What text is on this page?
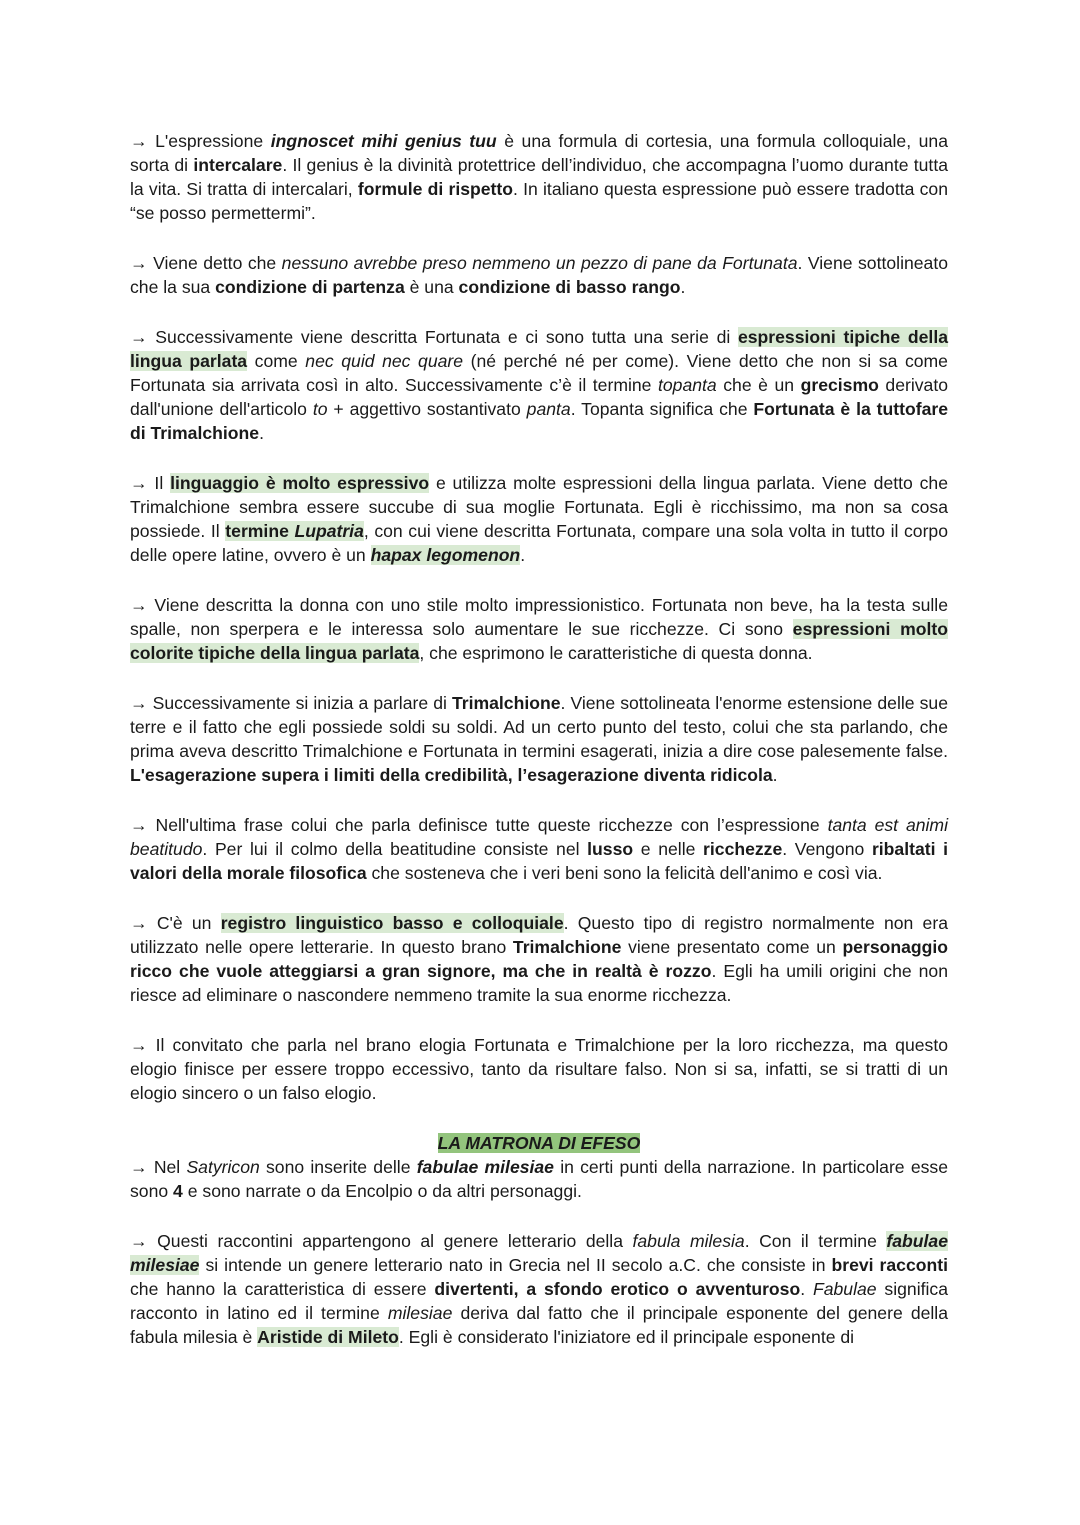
→ L'espressione ingnoscet mihi genius tuu è una formula di cortesia, una formula colloquiale, una sorta di intercalare. Il genius è la divinità protettrice dell’individuo, che accompagna l’uomo durante tutta la vita. Si tratta di intercalari, formule di rispetto. In italiano questa espressione può essere tradotta con “se posso permettermi”.

→ Viene detto che nessuno avrebbe preso nemmeno un pezzo di pane da Fortunata. Viene sottolineato che la sua condizione di partenza è una condizione di basso rango.

→ Successivamente viene descritta Fortunata e ci sono tutta una serie di espressioni tipiche della lingua parlata come nec quid nec quare (né perché né per come). Viene detto che non si sa come Fortunata sia arrivata così in alto. Successivamente c’è il termine topanta che è un grecismo derivato dall'unione dell'articolo to + aggettivo sostantivato panta. Topanta significa che Fortunata è la tuttofare di Trimalchione.

→ Il linguaggio è molto espressivo e utilizza molte espressioni della lingua parlata. Viene detto che Trimalchione sembra essere succube di sua moglie Fortunata. Egli è ricchissimo, ma non sa cosa possiede. Il termine Lupatria, con cui viene descritta Fortunata, compare una sola volta in tutto il corpo delle opere latine, ovvero è un hapax legomenon.

→ Viene descritta la donna con uno stile molto impressionistico. Fortunata non beve, ha la testa sulle spalle, non sperpera e le interessa solo aumentare le sue ricchezze. Ci sono espressioni molto colorite tipiche della lingua parlata, che esprimono le caratteristiche di questa donna.

→ Successivamente si inizia a parlare di Trimalchione. Viene sottolineata l'enorme estensione delle sue terre e il fatto che egli possiede soldi su soldi. Ad un certo punto del testo, colui che sta parlando, che prima aveva descritto Trimalchione e Fortunata in termini esagerati, inizia a dire cose palesemente false. L'esagerazione supera i limiti della credibilità, l’esagerazione diventa ridicola.

→ Nell'ultima frase colui che parla definisce tutte queste ricchezze con l’espressione tanta est animi beatitudo. Per lui il colmo della beatitudine consiste nel lusso e nelle ricchezze. Vengono ribaltati i valori della morale filosofica che sosteneva che i veri beni sono la felicità dell'animo e così via.

→ C'è un registro linguistico basso e colloquiale. Questo tipo di registro normalmente non era utilizzato nelle opere letterarie. In questo brano Trimalchione viene presentato come un personaggio ricco che vuole atteggiarsi a gran signore, ma che in realtà è rozzo. Egli ha umili origini che non riesce ad eliminare o nascondere nemmeno tramite la sua enorme ricchezza.

→ Il convitato che parla nel brano elogia Fortunata e Trimalchione per la loro ricchezza, ma questo elogio finisce per essere troppo eccessivo, tanto da risultare falso. Non si sa, infatti, se si tratti di un elogio sincero o un falso elogio.

LA MATRONA DI EFESO

→ Nel Satyricon sono inserite delle fabulae milesiae in certi punti della narrazione. In particolare esse sono 4 e sono narrate o da Encolpio o da altri personaggi.

→ Questi raccontini appartengono al genere letterario della fabula milesia. Con il termine fabulae milesiae si intende un genere letterario nato in Grecia nel II secolo a.C. che consiste in brevi racconti che hanno la caratteristica di essere divertenti, a sfondo erotico o avventuroso. Fabulae significa racconto in latino ed il termine milesiae deriva dal fatto che il principale esponente del genere della fabula milesia è Aristide di Mileto. Egli è considerato l'iniziatore ed il principale esponente di
